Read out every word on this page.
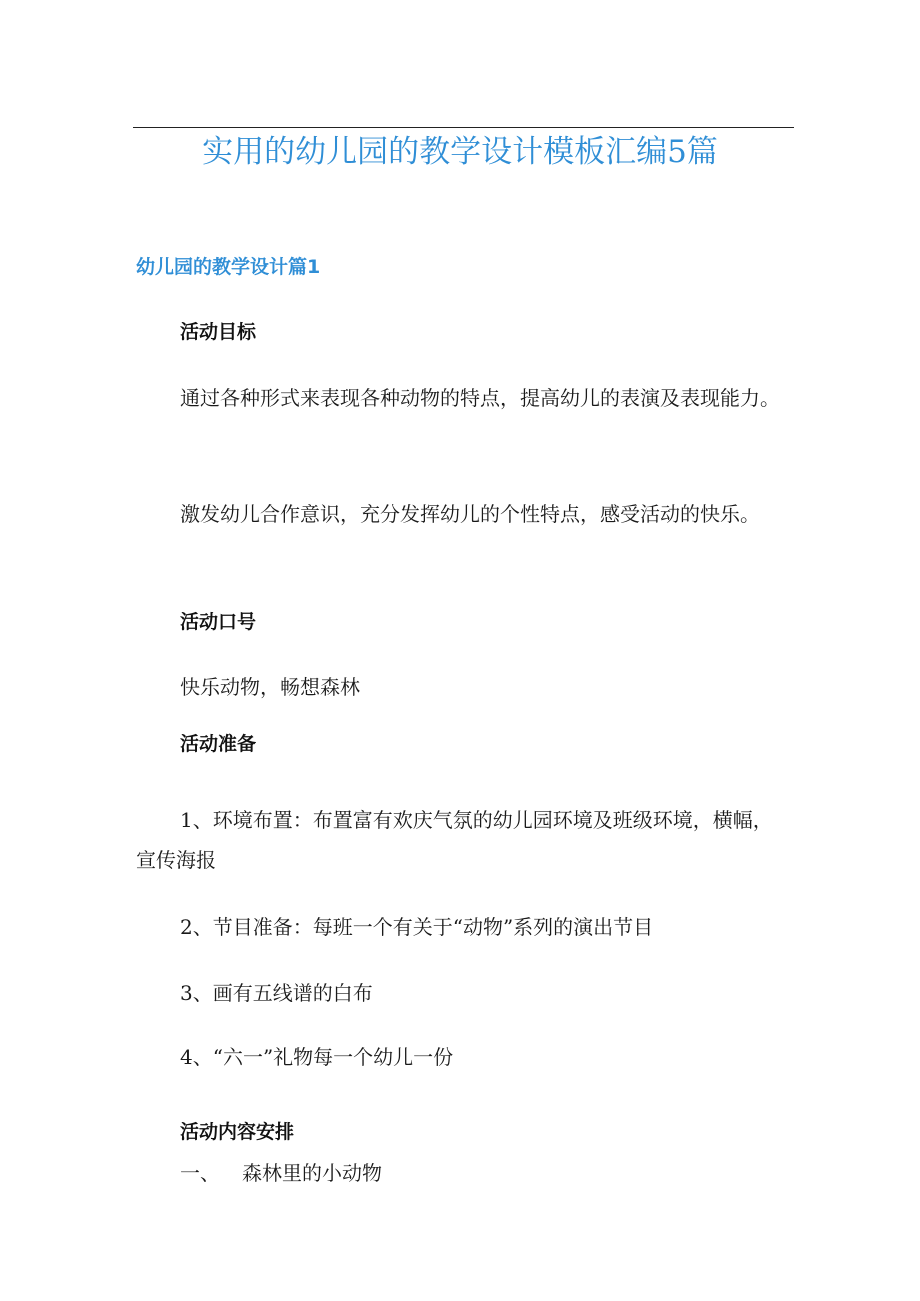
实用的幼儿园的教学设计模板汇编5篇
幼儿园的教学设计篇1
活动目标

通过各种形式来表现各种动物的特点，提高幼儿的表演及表现能力。

激发幼儿合作意识，充分发挥幼儿的个性特点，感受活动的快乐。

活动口号
快乐动物，畅想森林
活动准备

1、环境布置：布置富有欢庆气氛的幼儿园环境及班级环境，横幅，宣传海报

2、节目准备：每班一个有关于“动物”系列的演出节目
3、画有五线谱的白布
4、“六一”礼物每一个幼儿一份
活动内容安排
一、 森林里的小动物
